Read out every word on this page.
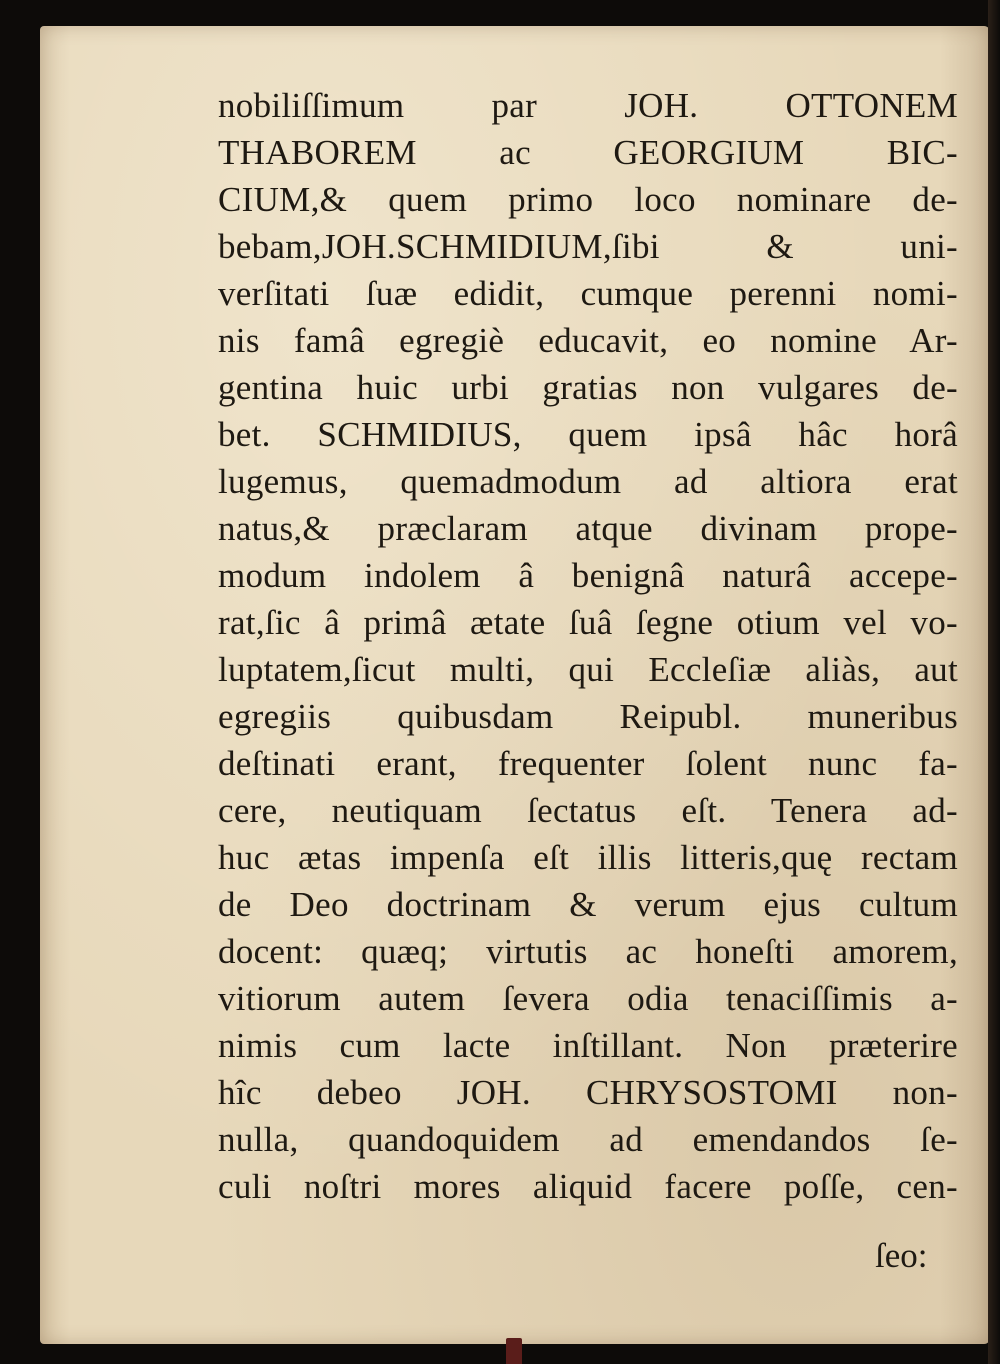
nobiliſſimum par JOH. OTTONEM
THABOREM ac GEORGIUM BIC-
CIUM,& quem primo loco nominare de-
bebam,JOH.SCHMIDIUM,ſibi & uni-
verſitati ſuæ edidit, cumque perenni nomi-
nis famâ egregiè educavit, eo nomine Ar-
gentina huic urbi gratias non vulgares de-
bet. SCHMIDIUS, quem ipsâ hâc horâ
lugemus, quemadmodum ad altiora erat
natus,& præclaram atque divinam prope-
modum indolem â benignâ naturâ accepe-
rat,ſic â primâ ætate ſuâ ſegne otium vel vo-
luptatem,ſicut multi, qui Eccleſiæ aliàs, aut
egregiis quibusdam Reipubl. muneribus
deſtinati erant, frequenter ſolent nunc fa-
cere, neutiquam ſectatus eſt. Tenera ad-
huc ætas impenſa eſt illis litteris,quę rectam
de Deo doctrinam & verum ejus cultum
docent: quæq; virtutis ac honeſti amorem,
vitiorum autem ſevera odia tenaciſſimis a-
nimis cum lacte inſtillant. Non præterire
hîc debeo JOH. CHRYSOSTOMI non-
nulla, quandoquidem ad emendandos ſe-
culi noſtri mores aliquid facere poſſe, cen-
ſeo:
